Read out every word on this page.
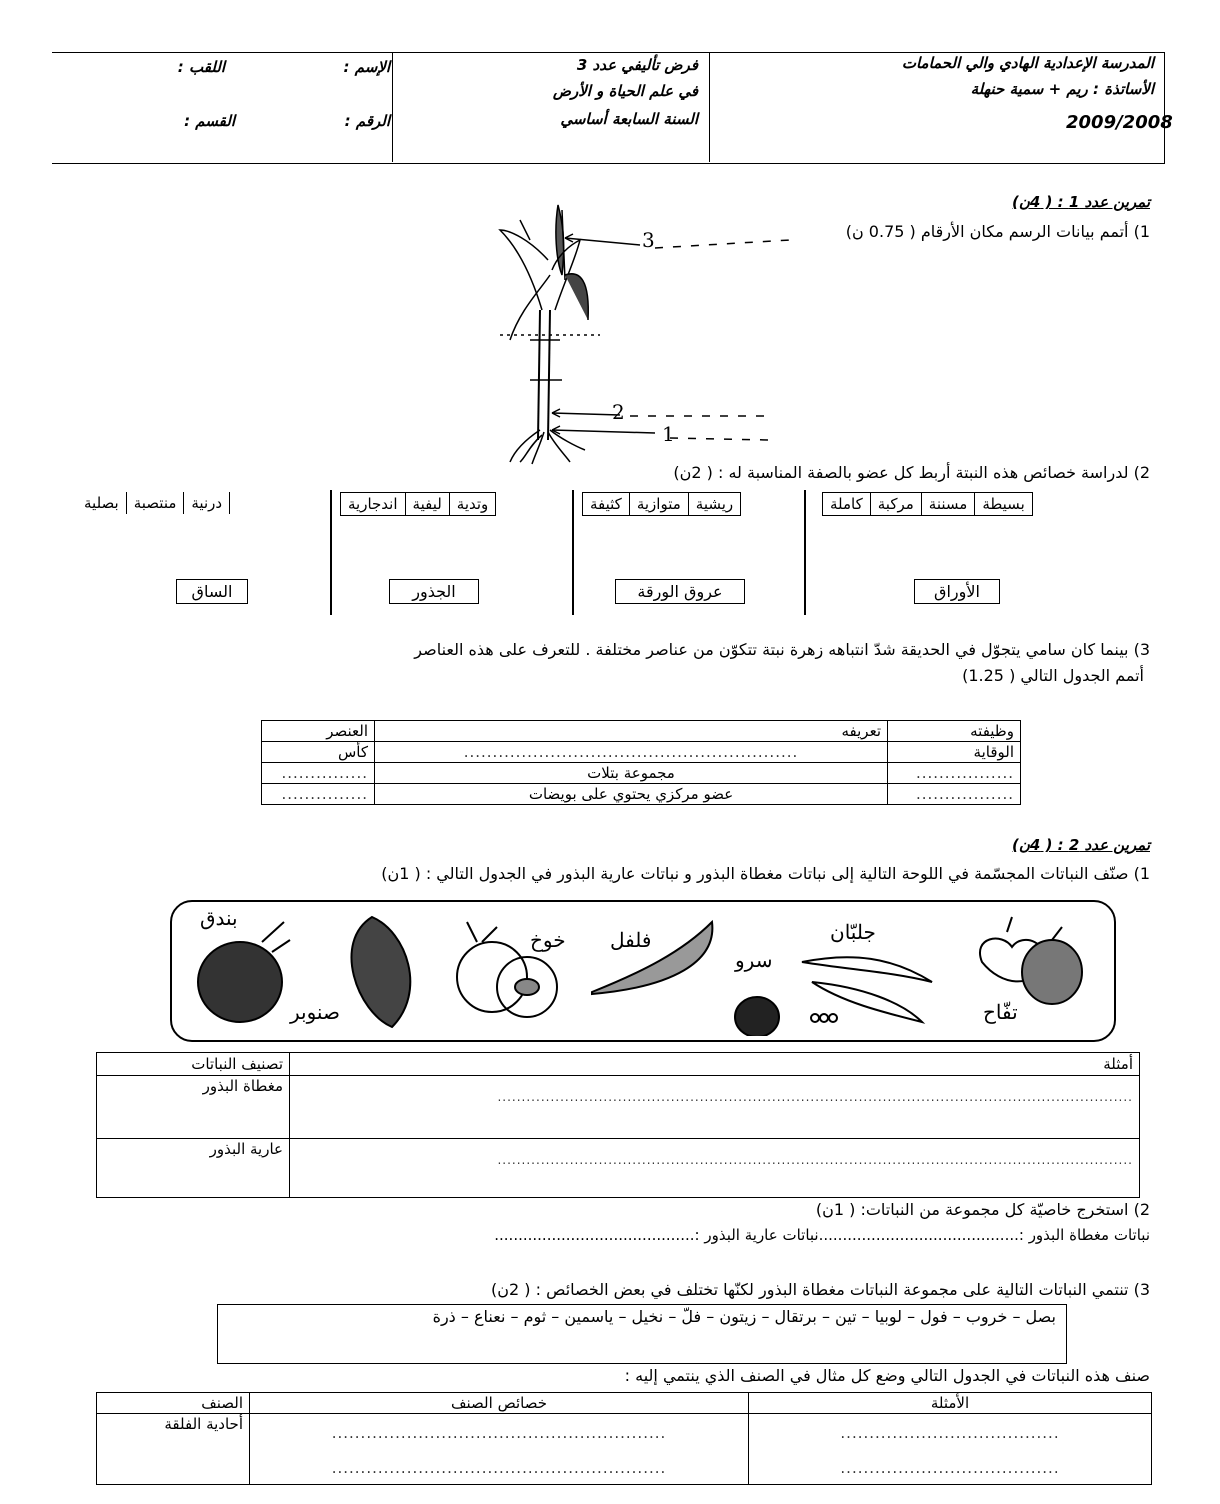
المدرسة الإعدادية الهادي والي الحمامات
الأساتذة : ريم + سمية حنهلة
2009/2008
فرض تأليفي عدد 3
في علم الحياة و الأرض
السنة السابعة أساسي
الإسم :
اللقب :
الرقم :
القسم :
تمرين عدد 1 : ( 4ن)
1) أتمم بيانات الرسم مكان الأرقام ( 0.75 ن)
3
2
1
2) لدراسة خصائص هذه النبتة أربط كل عضو بالصفة المناسبة له : ( 2ن)
بسيطة
مسننة
مركبة
كاملة
ريشية
متوازية
كثيفة
وتدية
ليفية
اندجارية
درنية
منتصبة
بصلية
الأوراق
عروق الورقة
الجذور
الساق
3) بينما كان سامي يتجوّل في الحديقة شدّ انتباهه زهرة نبتة تتكوّن من عناصر مختلفة . للتعرف على هذه العناصر
أتمم الجدول التالي ( 1.25)
العنصر	تعريفه	وظيفته
كأس	..........................................................	الوقاية
...............	مجموعة بتلات	.................
...............	عضو مركزي يحتوي على بويضات	.................
تمرين عدد 2 : ( 4ن)
1) صنّف النباتات المجسّمة في اللوحة التالية إلى نباتات مغطاة البذور و نباتات عارية البذور في الجدول التالي : ( 1ن)
تفّاح
جلبّان
سرو
فلفل
خوخ
صنوبر
بندق
تصنيف النباتات	أمثلة
مغطاة البذور	....................................................................................................................................
عارية البذور	....................................................................................................................................
2) استخرج خاصيّة كل مجموعة من النباتات: ( 1ن)
نباتات مغطاة البذور :..........................................نباتات عارية البذور :..........................................
3) تنتمي النباتات التالية على مجموعة النباتات مغطاة البذور لكنّها تختلف في بعض الخصائص : ( 2ن)
بصل – خروب – فول – لوبيا – تين – برتقال – زيتون – فلّ – نخيل – ياسمين – ثوم – نعناع – ذرة
صنف هذه النباتات في الجدول التالي وضع كل مثال في الصنف الذي ينتمي إليه :
الصنف	خصائص الصنف	الأمثلة
أحادية الفلقة	..........................................................	......................................
	..........................................................	......................................
